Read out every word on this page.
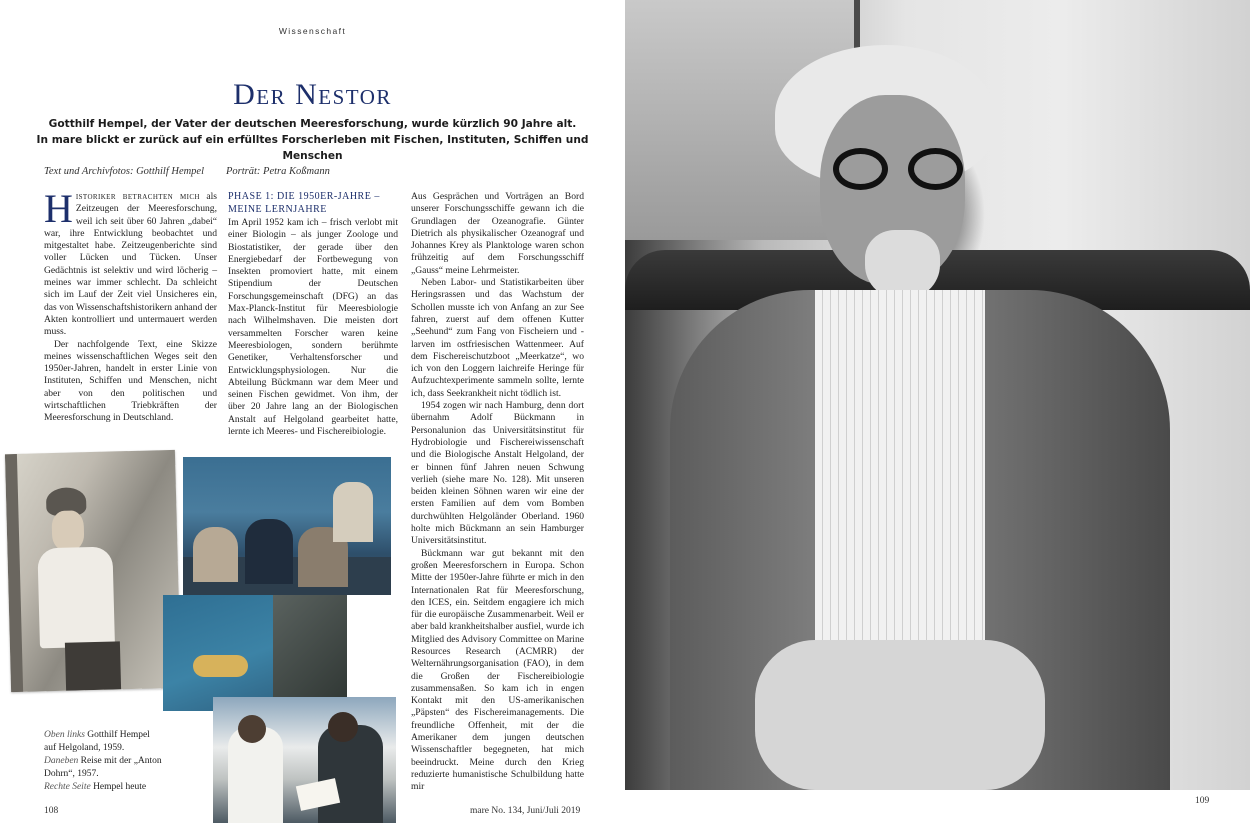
Wissenschaft
Der Nestor
Gotthilf Hempel, der Vater der deutschen Meeresforschung, wurde kürzlich 90 Jahre alt.
In mare blickt er zurück auf ein erfülltes Forscherleben mit Fischen, Instituten, Schiffen und Menschen
Text und Archivfotos: Gotthilf Hempel Porträt: Petra Koßmann

Historiker betrachten mich als Zeitzeugen der Meeresforschung, weil ich seit über 60 Jahren „dabei“ war, ihre Entwicklung beobachtet und mitgestaltet habe. Zeitzeugenberichte sind voller Lücken und Tücken. Unser Gedächtnis ist selektiv und wird löcherig – meines war immer schlecht. Da schleicht sich im Lauf der Zeit viel Unsicheres ein, das von Wissenschaftshistorikern anhand der Akten kontrolliert und untermauert werden muss.

Der nachfolgende Text, eine Skizze meines wissenschaftlichen Weges seit den 1950er-Jahren, handelt in erster Linie von Instituten, Schiffen und Menschen, nicht aber von den politischen und wirtschaftlichen Triebkräften der Meeresforschung in Deutschland.

PHASE 1: DIE 1950ER-JAHRE – MEINE LERNJAHRE

Im April 1952 kam ich – frisch verlobt mit einer Biologin – als junger Zoologe und Biostatistiker, der gerade über den Energiebedarf der Fortbewegung von Insekten promoviert hatte, mit einem Stipendium der Deutschen Forschungsgemeinschaft (DFG) an das Max-Planck-Institut für Meeresbiologie nach Wilhelmshaven. Die meisten dort versammelten Forscher waren keine Meeresbiologen, sondern berühmte Genetiker, Verhaltensforscher und Entwicklungsphysiologen. Nur die Abteilung Bückmann war dem Meer und seinen Fischen gewidmet. Von ihm, der über 20 Jahre lang an der Biologischen Anstalt auf Helgoland gearbeitet hatte, lernte ich Meeres- und Fischereibiologie.

Aus Gesprächen und Vorträgen an Bord unserer Forschungsschiffe gewann ich die Grundlagen der Ozeanografie. Günter Dietrich als physikalischer Ozeanograf und Johannes Krey als Planktologe waren schon frühzeitig auf dem Forschungsschiff „Gauss“ meine Lehrmeister.

Neben Labor- und Statistikarbeiten über Heringsrassen und das Wachstum der Schollen musste ich von Anfang an zur See fahren, zuerst auf dem offenen Kutter „Seehund“ zum Fang von Fischeiern und -larven im ostfriesischen Wattenmeer. Auf dem Fischereischutzboot „Meerkatze“, wo ich von den Loggern laichreife Heringe für Aufzuchtexperimente sammeln sollte, lernte ich, dass Seekrankheit nicht tödlich ist.

1954 zogen wir nach Hamburg, denn dort übernahm Adolf Bückmann in Personalunion das Universitätsinstitut für Hydrobiologie und Fischereiwissenschaft und die Biologische Anstalt Helgoland, der er binnen fünf Jahren neuen Schwung verlieh (siehe mare No. 128). Mit unseren beiden kleinen Söhnen waren wir eine der ersten Familien auf dem vom Bomben durchwühlten Helgoländer Oberland. 1960 holte mich Bückmann an sein Hamburger Universitätsinstitut.

Bückmann war gut bekannt mit den großen Meeresforschern in Europa. Schon Mitte der 1950er-Jahre führte er mich in den Internationalen Rat für Meeresforschung, den ICES, ein. Seitdem engagiere ich mich für die europäische Zusammenarbeit. Weil er aber bald krankheitshalber ausfiel, wurde ich Mitglied des Advisory Committee on Marine Resources Research (ACMRR) der Welternährungsorganisation (FAO), in dem die Großen der Fischereibiologie zusammensaßen. So kam ich in engen Kontakt mit den US-amerikanischen „Päpsten“ des Fischereimanagements. Die freundliche Offenheit, mit der die Amerikaner dem jungen deutschen Wissenschaftler begegneten, hat mich beeindruckt. Meine durch den Krieg reduzierte humanistische Schulbildung hatte mir

Oben links Gotthilf Hempel auf Helgoland, 1959.
Daneben Reise mit der „Anton Dohrn“, 1957.
Rechte Seite Hempel heute
108	mare No. 134, Juni/Juli 2019
109
